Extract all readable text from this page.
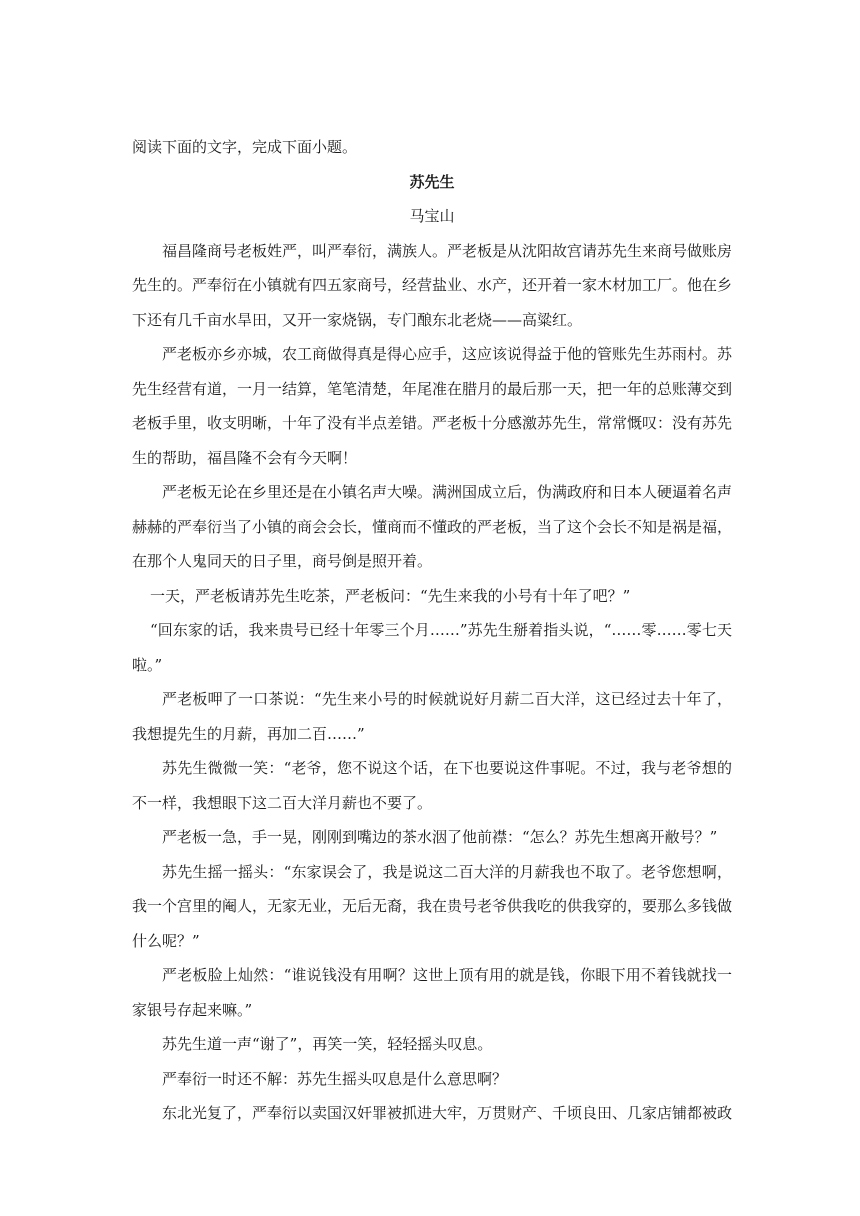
阅读下面的文字，完成下面小题。

苏先生

马宝山

福昌隆商号老板姓严，叫严奉衍，满族人。严老板是从沈阳故宫请苏先生来商号做账房先生的。严奉衍在小镇就有四五家商号，经营盐业、水产，还开着一家木材加工厂。他在乡下还有几千亩水旱田，又开一家烧锅，专门酿东北老烧——高粱红。

严老板亦乡亦城，农工商做得真是得心应手，这应该说得益于他的管账先生苏雨村。苏先生经营有道，一月一结算，笔笔清楚，年尾准在腊月的最后那一天，把一年的总账薄交到老板手里，收支明晰，十年了没有半点差错。严老板十分感激苏先生，常常慨叹：没有苏先生的帮助，福昌隆不会有今天啊！

严老板无论在乡里还是在小镇名声大噪。满洲国成立后，伪满政府和日本人硬逼着名声赫赫的严奉衍当了小镇的商会会长，懂商而不懂政的严老板，当了这个会长不知是祸是福，在那个人鬼同天的日子里，商号倒是照开着。

一天，严老板请苏先生吃茶，严老板问：“先生来我的小号有十年了吧？”

“回东家的话，我来贵号已经十年零三个月……”苏先生掰着指头说，“……零……零七天啦。”

严老板呷了一口茶说：“先生来小号的时候就说好月薪二百大洋，这已经过去十年了，我想提先生的月薪，再加二百……”

苏先生微微一笑：“老爷，您不说这个话，在下也要说这件事呢。不过，我与老爷想的不一样，我想眼下这二百大洋月薪也不要了。

严老板一急，手一晃，刚刚到嘴边的茶水洇了他前襟：“怎么？苏先生想离开敝号？”

苏先生摇一摇头：“东家误会了，我是说这二百大洋的月薪我也不取了。老爷您想啊，我一个宫里的阉人，无家无业，无后无裔，我在贵号老爷供我吃的供我穿的，要那么多钱做什么呢？”

严老板脸上灿然：“谁说钱没有用啊？这世上顶有用的就是钱，你眼下用不着钱就找一家银号存起来嘛。”

苏先生道一声“谢了”，再笑一笑，轻轻摇头叹息。

严奉衍一时还不解：苏先生摇头叹息是什么意思啊？

东北光复了，严奉衍以卖国汉奸罪被抓进大牢，万贯财产、千顷良田、几家店铺都被政
